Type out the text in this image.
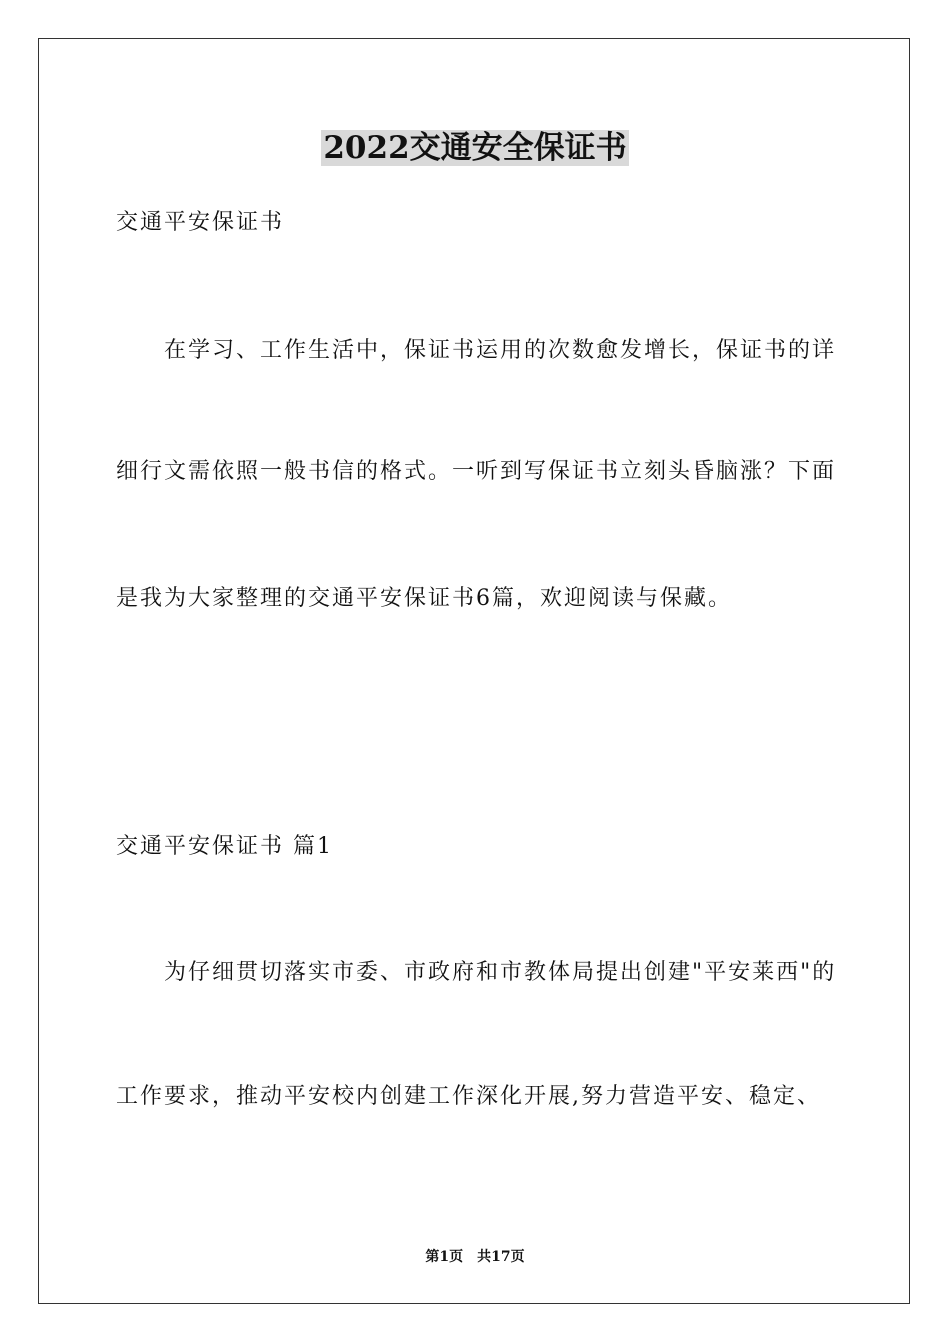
2022交通安全保证书

交通平安保证书

在学习、工作生活中，保证书运用的次数愈发增长，保证书的详

细行文需依照一般书信的格式。一听到写保证书立刻头昏脑涨？下面

是我为大家整理的交通平安保证书6篇，欢迎阅读与保藏。

交通平安保证书 篇1

为仔细贯切落实市委、市政府和市教体局提出创建"平安莱西"的

工作要求，推动平安校内创建工作深化开展,努力营造平安、稳定、

第1页 共17页
